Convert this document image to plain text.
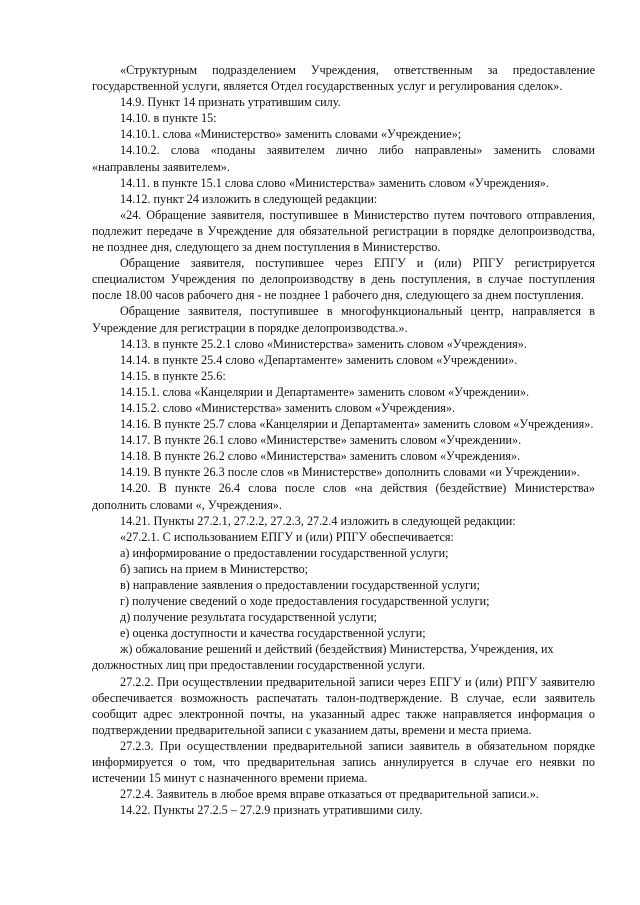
«Структурным подразделением Учреждения, ответственным за предоставление государственной услуги, является Отдел государственных услуг и регулирования сделок».

14.9. Пункт 14 признать утратившим силу.

14.10. в пункте 15:

14.10.1. слова «Министерство» заменить словами «Учреждение»;

14.10.2. слова «поданы заявителем лично либо направлены» заменить словами «направлены заявителем».

14.11. в пункте 15.1 слова слово «Министерства» заменить словом «Учреждения».

14.12. пункт 24 изложить в следующей редакции:

«24. Обращение заявителя, поступившее в Министерство путем почтового отправления, подлежит передаче в Учреждение для обязательной регистрации в порядке делопроизводства, не позднее дня, следующего за днем поступления в Министерство.

Обращение заявителя, поступившее через ЕПГУ и (или) РПГУ регистрируется специалистом Учреждения по делопроизводству в день поступления, в случае поступления после 18.00 часов рабочего дня - не позднее 1 рабочего дня, следующего за днем поступления.

Обращение заявителя, поступившее в многофункциональный центр, направляется в Учреждение для регистрации в порядке делопроизводства.».

14.13. в пункте 25.2.1 слово «Министерства» заменить словом «Учреждения».

14.14. в пункте 25.4 слово «Департаменте» заменить словом «Учреждении».

14.15. в пункте 25.6:

14.15.1. слова «Канцелярии и Департаменте» заменить словом «Учреждении».

14.15.2. слово «Министерства» заменить словом «Учреждения».

14.16. В пункте 25.7 слова «Канцелярии и Департамента» заменить словом «Учреждения».

14.17. В пункте 26.1 слово «Министерстве» заменить словом «Учреждении».

14.18. В пункте 26.2 слово «Министерства» заменить словом «Учреждения».

14.19. В пункте 26.3 после слов «в Министерстве» дополнить словами «и Учреждении».

14.20. В пункте 26.4 слова после слов «на действия (бездействие) Министерства» дополнить словами «, Учреждения».

14.21. Пункты 27.2.1, 27.2.2, 27.2.3, 27.2.4 изложить в следующей редакции:

«27.2.1. С использованием ЕПГУ и (или) РПГУ обеспечивается:

а) информирование о предоставлении государственной услуги;

б) запись на прием в Министерство;

в) направление заявления о предоставлении государственной услуги;

г) получение сведений о ходе предоставления государственной услуги;

д) получение результата государственной услуги;

е) оценка доступности и качества государственной услуги;

ж) обжалование решений и действий (бездействия) Министерства, Учреждения, их должностных лиц при предоставлении государственной услуги.

27.2.2. При осуществлении предварительной записи через ЕПГУ и (или) РПГУ заявителю обеспечивается возможность распечатать талон-подтверждение. В случае, если заявитель сообщит адрес электронной почты, на указанный адрес также направляется информация о подтверждении предварительной записи с указанием даты, времени и места приема.

27.2.3. При осуществлении предварительной записи заявитель в обязательном порядке информируется о том, что предварительная запись аннулируется в случае его неявки по истечении 15 минут с назначенного времени приема.

27.2.4. Заявитель в любое время вправе отказаться от предварительной записи.».

14.22. Пункты 27.2.5 – 27.2.9 признать утратившими силу.
